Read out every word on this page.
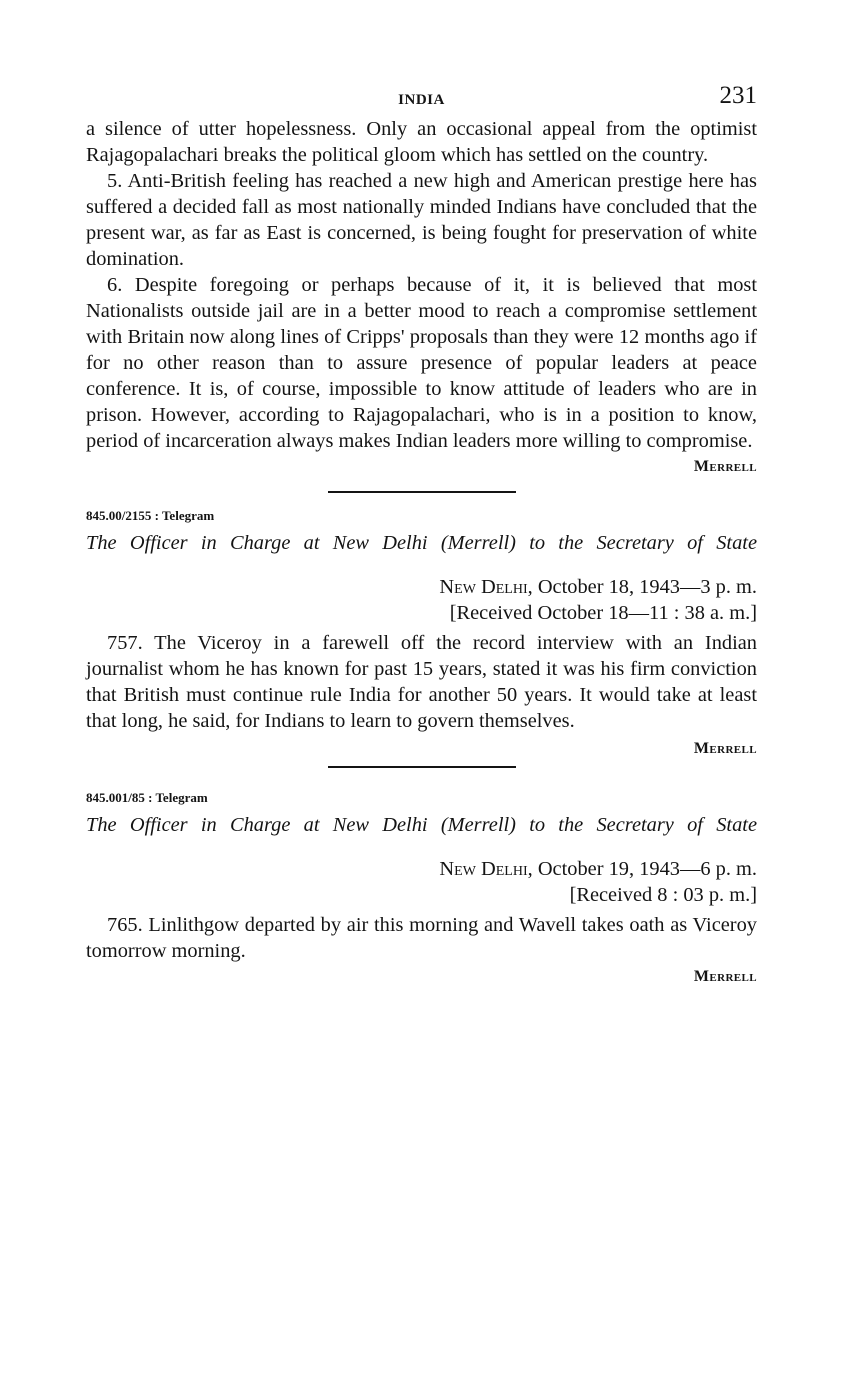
INDIA	231

a silence of utter hopelessness. Only an occasional appeal from the optimist Rajagopalachari breaks the political gloom which has settled on the country.

5. Anti-British feeling has reached a new high and American prestige here has suffered a decided fall as most nationally minded Indians have concluded that the present war, as far as East is concerned, is being fought for preservation of white domination.

6. Despite foregoing or perhaps because of it, it is believed that most Nationalists outside jail are in a better mood to reach a compromise settlement with Britain now along lines of Cripps' proposals than they were 12 months ago if for no other reason than to assure presence of popular leaders at peace conference. It is, of course, impossible to know attitude of leaders who are in prison. However, according to Rajagopalachari, who is in a position to know, period of incarceration always makes Indian leaders more willing to compromise.

Merrell
845.00/2155 : Telegram
The Officer in Charge at New Delhi (Merrell) to the Secretary of State
New Delhi, October 18, 1943—3 p. m.
[Received October 18—11 : 38 a. m.]

757. The Viceroy in a farewell off the record interview with an Indian journalist whom he has known for past 15 years, stated it was his firm conviction that British must continue rule India for another 50 years. It would take at least that long, he said, for Indians to learn to govern themselves.

Merrell
845.001/85 : Telegram
The Officer in Charge at New Delhi (Merrell) to the Secretary of State
New Delhi, October 19, 1943—6 p. m.
[Received 8 : 03 p. m.]

765. Linlithgow departed by air this morning and Wavell takes oath as Viceroy tomorrow morning.

Merrell
